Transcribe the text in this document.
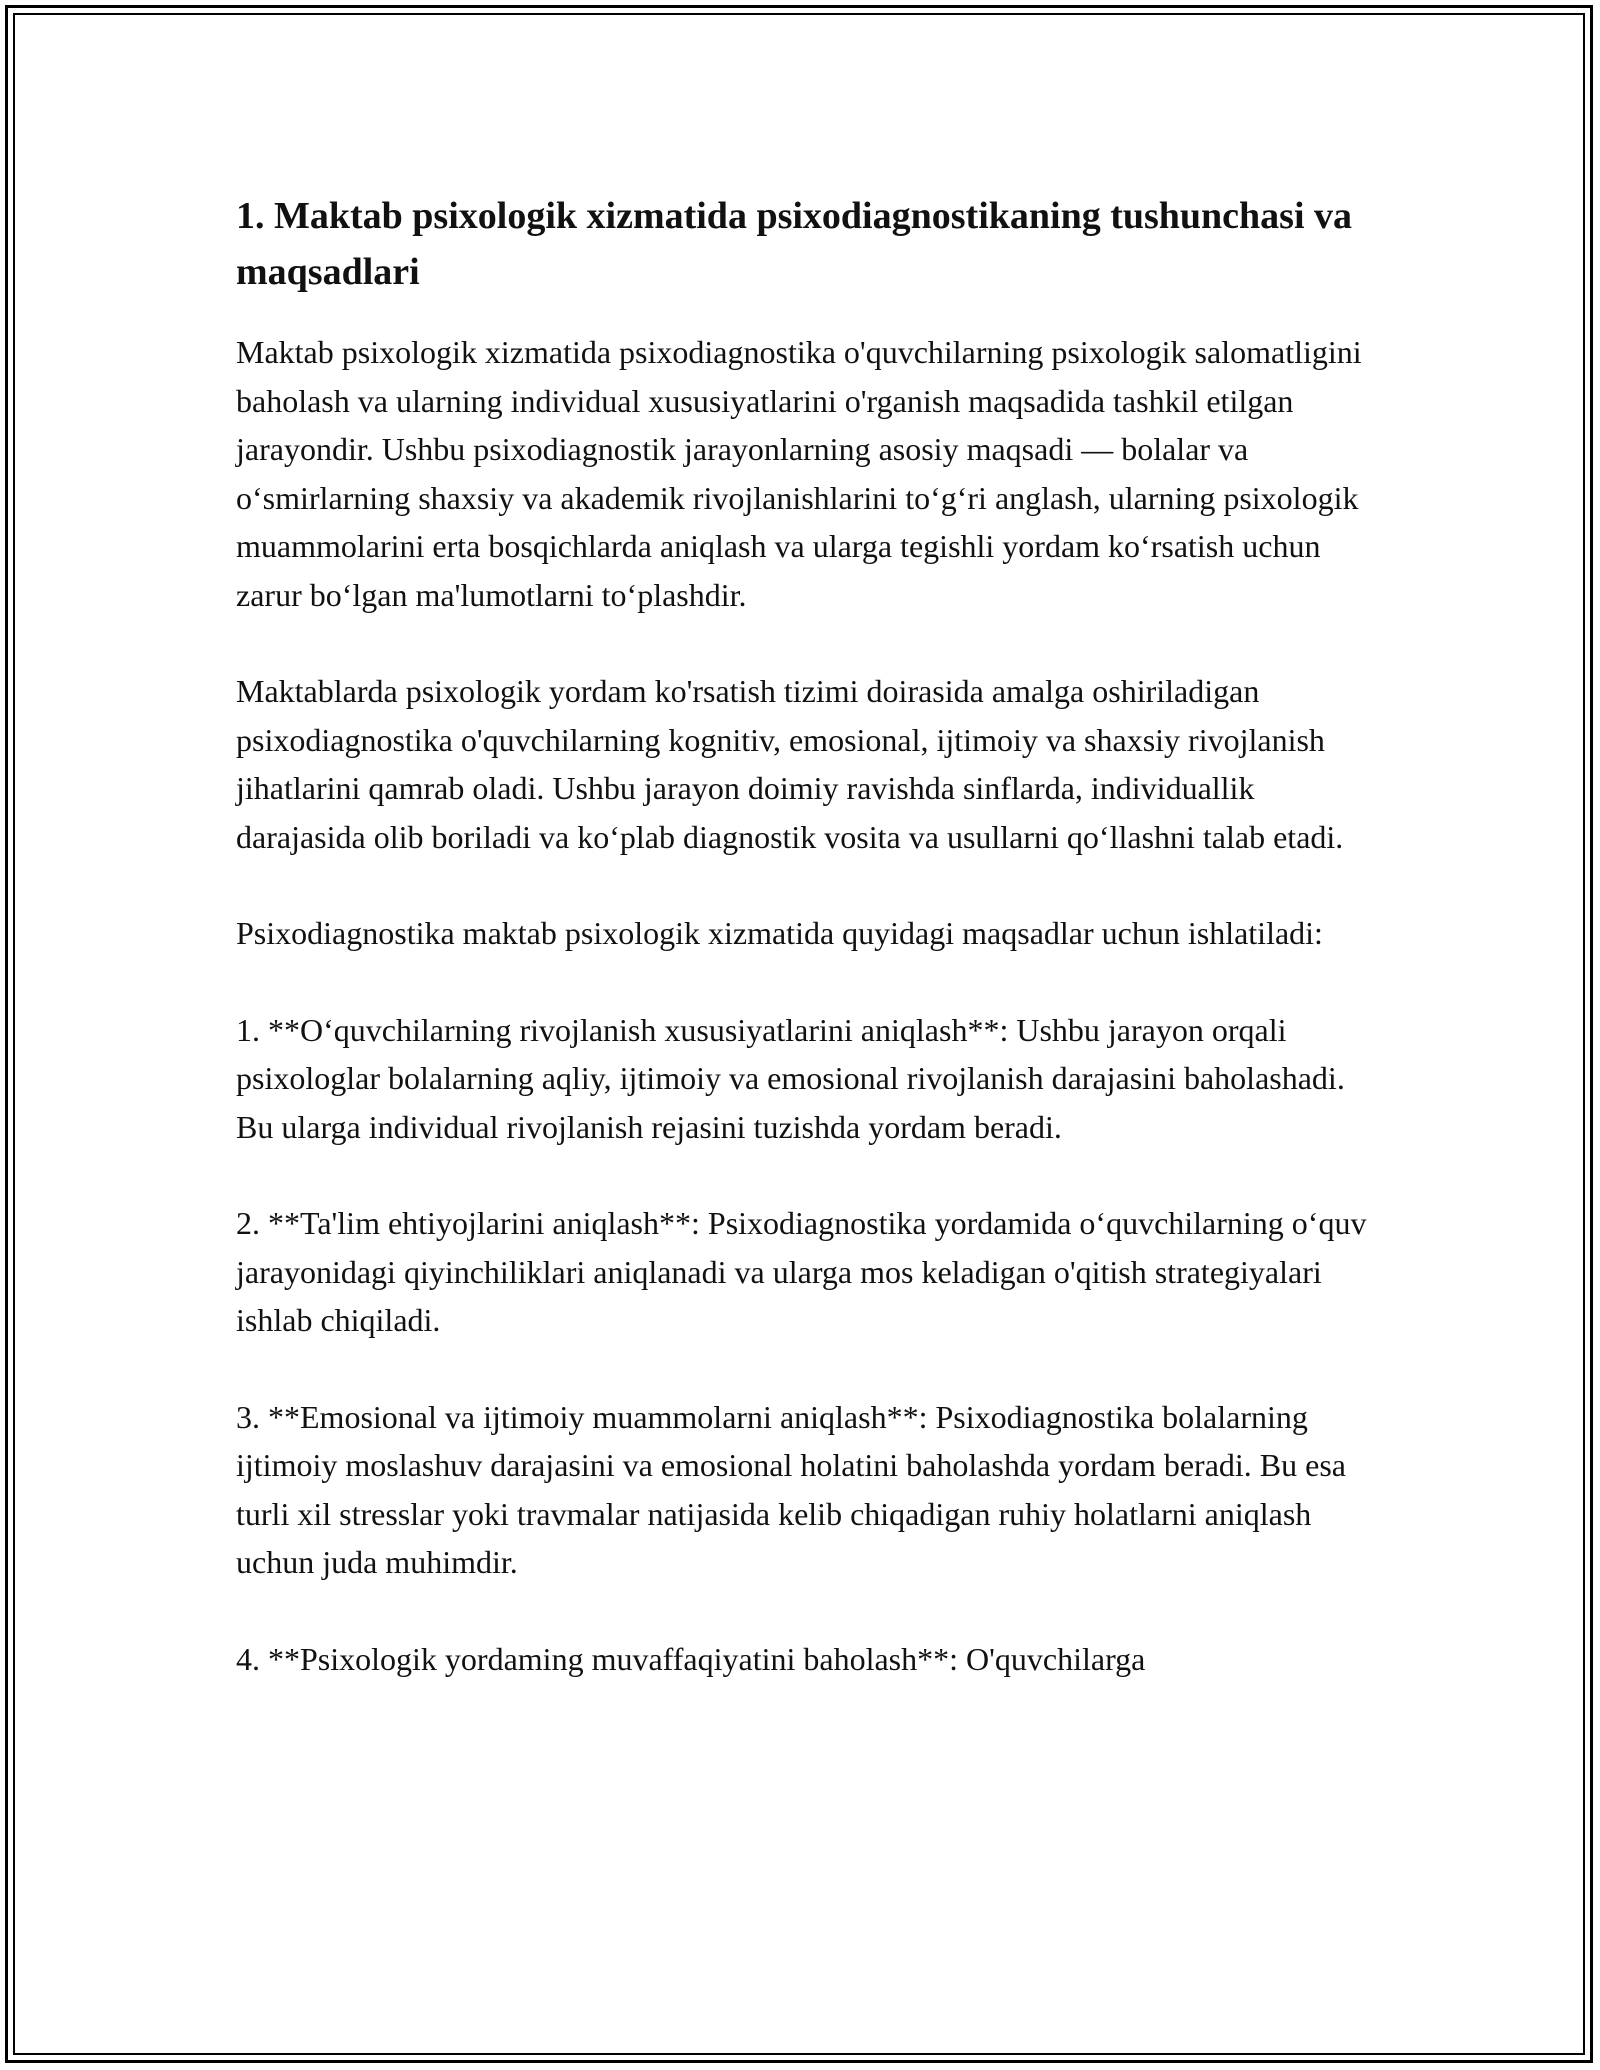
1. Maktab psixologik xizmatida psixodiagnostikaning tushunchasi va maqsadlari

Maktab psixologik xizmatida psixodiagnostika o'quvchilarning psixologik salomatligini baholash va ularning individual xususiyatlarini o'rganish maqsadida tashkil etilgan jarayondir. Ushbu psixodiagnostik jarayonlarning asosiy maqsadi — bolalar va o‘smirlarning shaxsiy va akademik rivojlanishlarini to‘g‘ri anglash, ularning psixologik muammolarini erta bosqichlarda aniqlash va ularga tegishli yordam ko‘rsatish uchun zarur bo‘lgan ma'lumotlarni to‘plashdir.

Maktablarda psixologik yordam ko'rsatish tizimi doirasida amalga oshiriladigan psixodiagnostika o'quvchilarning kognitiv, emosional, ijtimoiy va shaxsiy rivojlanish jihatlarini qamrab oladi. Ushbu jarayon doimiy ravishda sinflarda, individuallik darajasida olib boriladi va ko‘plab diagnostik vosita va usullarni qo‘llashni talab etadi.

Psixodiagnostika maktab psixologik xizmatida quyidagi maqsadlar uchun ishlatiladi:

1. **O‘quvchilarning rivojlanish xususiyatlarini aniqlash**: Ushbu jarayon orqali psixologlar bolalarning aqliy, ijtimoiy va emosional rivojlanish darajasini baholashadi. Bu ularga individual rivojlanish rejasini tuzishda yordam beradi.

2. **Ta'lim ehtiyojlarini aniqlash**: Psixodiagnostika yordamida o‘quvchilarning o‘quv jarayonidagi qiyinchiliklari aniqlanadi va ularga mos keladigan o'qitish strategiyalari ishlab chiqiladi.

3. **Emosional va ijtimoiy muammolarni aniqlash**: Psixodiagnostika bolalarning ijtimoiy moslashuv darajasini va emosional holatini baholashda yordam beradi. Bu esa turli xil stresslar yoki travmalar natijasida kelib chiqadigan ruhiy holatlarni aniqlash uchun juda muhimdir.

4. **Psixologik yordaming muvaffaqiyatini baholash**: O'quvchilarga
